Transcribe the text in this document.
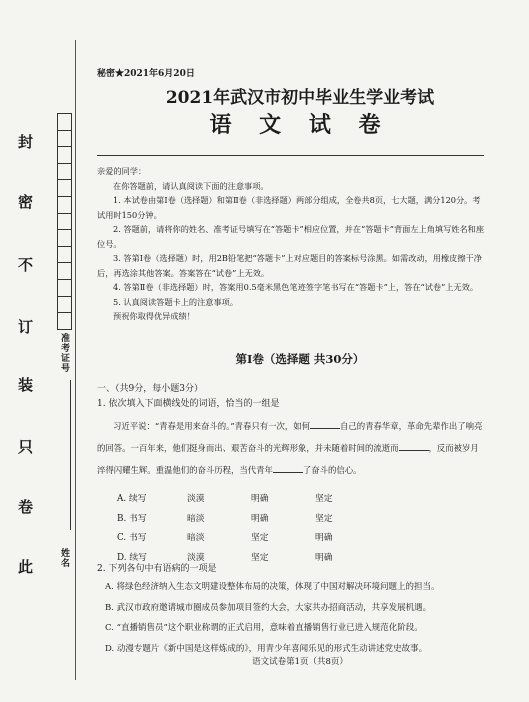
封
密
不
订
装
只
卷
此
准考证号
姓名
秘密★2021年6月20日
2021年武汉市初中毕业生学业考试
语 文 试 卷

亲爱的同学：

在你答题前，请认真阅读下面的注意事项。

1. 本试卷由第Ⅰ卷（选择题）和第Ⅱ卷（非选择题）两部分组成，全卷共8页，七大题，满分120分。考试用时150分钟。

2. 答题前，请将你的姓名、准考证号填写在“答题卡”相应位置，并在“答题卡”背面左上角填写姓名和座位号。

3. 答第Ⅰ卷（选择题）时，用2B铅笔把“答题卡”上对应题目的答案标号涂黑。如需改动，用橡皮擦干净后，再选涂其他答案。答案答在“试卷”上无效。

4. 答第Ⅱ卷（非选择题）时，答案用0.5毫米黑色笔迹签字笔书写在“答题卡”上，答在“试卷”上无效。

5. 认真阅读答题卡上的注意事项。

预祝你取得优异成绩！

第Ⅰ卷（选择题 共30分）
一、（共9分，每小题3分）
1. 依次填入下面横线处的词语，恰当的一组是

习近平说：“青春是用来奋斗的。”青春只有一次，如何	自己的青春华章，革命先辈作出了响亮的回答。一百年来，他们挺身而出、艰苦奋斗的光辉形象，并未随着时间的流逝而	，反而被岁月淬得闪耀生辉。重温他们的奋斗历程，当代青年	了奋斗的信心。

A. 续写	淡漠	明确	坚定
B. 书写	暗淡	明确	坚定
C. 书写	暗淡	坚定	明确
D. 续写	淡漠	坚定	明确
2. 下列各句中有语病的一项是

A. 将绿色经济纳入生态文明建设整体布局的决策，体现了中国对解决环境问题上的担当。

B. 武汉市政府邀请城市圈成员参加项目签约大会，大家共办招商活动，共享发展机遇。

C. “直播销售员”这个职业称谓的正式启用，意味着直播销售行业已进入规范化阶段。

D. 动漫专题片《新中国是这样炼成的》，用青少年喜闻乐见的形式生动讲述党史故事。

语文试卷第1页（共8页）
